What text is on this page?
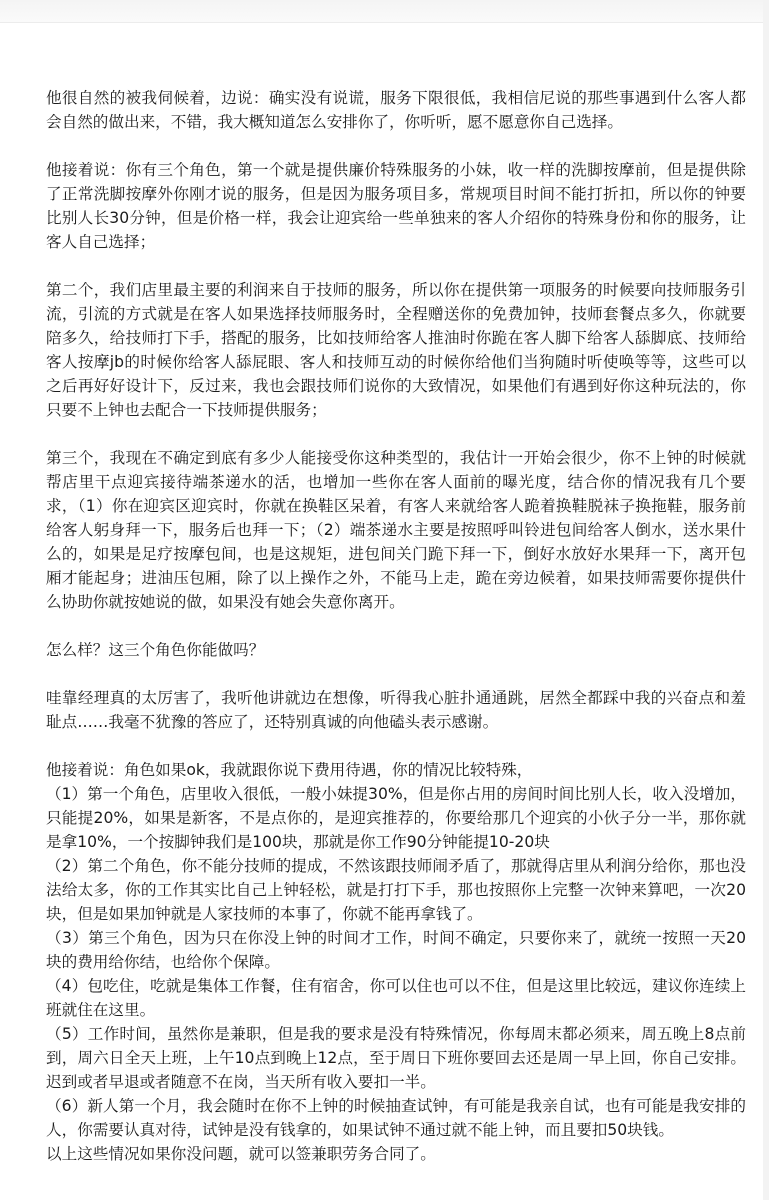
他很自然的被我伺候着，边说：确实没有说谎，服务下限很低，我相信尼说的那些事遇到什么客人都会自然的做出来，不错，我大概知道怎么安排你了，你听听，愿不愿意你自己选择。

他接着说：你有三个角色，第一个就是提供廉价特殊服务的小妹，收一样的洗脚按摩前，但是提供除了正常洗脚按摩外你刚才说的服务，但是因为服务项目多，常规项目时间不能打折扣，所以你的钟要比别人长30分钟，但是价格一样，我会让迎宾给一些单独来的客人介绍你的特殊身份和你的服务，让客人自己选择；

第二个，我们店里最主要的利润来自于技师的服务，所以你在提供第一项服务的时候要向技师服务引流，引流的方式就是在客人如果选择技师服务时，全程赠送你的免费加钟，技师套餐点多久，你就要陪多久，给技师打下手，搭配的服务，比如技师给客人推油时你跪在客人脚下给客人舔脚底、技师给客人按摩jb的时候你给客人舔屁眼、客人和技师互动的时候你给他们当狗随时听使唤等等，这些可以之后再好好设计下，反过来，我也会跟技师们说你的大致情况，如果他们有遇到好你这种玩法的，你只要不上钟也去配合一下技师提供服务；

第三个，我现在不确定到底有多少人能接受你这种类型的，我估计一开始会很少，你不上钟的时候就帮店里干点迎宾接待端茶递水的活，也增加一些你在客人面前的曝光度，结合你的情况我有几个要求，（1）你在迎宾区迎宾时，你就在换鞋区呆着，有客人来就给客人跪着换鞋脱袜子换拖鞋，服务前给客人躬身拜一下，服务后也拜一下；（2）端茶递水主要是按照呼叫铃进包间给客人倒水，送水果什么的，如果是足疗按摩包间，也是这规矩，进包间关门跪下拜一下，倒好水放好水果拜一下，离开包厢才能起身；进油压包厢，除了以上操作之外，不能马上走，跪在旁边候着，如果技师需要你提供什么协助你就按她说的做，如果没有她会失意你离开。

怎么样？这三个角色你能做吗？

哇靠经理真的太厉害了，我听他讲就边在想像，听得我心脏扑通通跳，居然全都踩中我的兴奋点和羞耻点……我毫不犹豫的答应了，还特别真诚的向他磕头表示感谢。

他接着说：角色如果ok，我就跟你说下费用待遇，你的情况比较特殊，

（1）第一个角色，店里收入很低，一般小妹提30%，但是你占用的房间时间比别人长，收入没增加，只能提20%，如果是新客，不是点你的，是迎宾推荐的，你要给那几个迎宾的小伙子分一半，那你就是拿10%，一个按脚钟我们是100块，那就是你工作90分钟能提10-20块

（2）第二个角色，你不能分技师的提成，不然该跟技师闹矛盾了，那就得店里从利润分给你，那也没法给太多，你的工作其实比自己上钟轻松，就是打打下手，那也按照你上完整一次钟来算吧，一次20块，但是如果加钟就是人家技师的本事了，你就不能再拿钱了。

（3）第三个角色，因为只在你没上钟的时间才工作，时间不确定，只要你来了，就统一按照一天20块的费用给你结，也给你个保障。

（4）包吃住，吃就是集体工作餐，住有宿舍，你可以住也可以不住，但是这里比较远，建议你连续上班就住在这里。

（5）工作时间，虽然你是兼职，但是我的要求是没有特殊情况，你每周末都必须来，周五晚上8点前到，周六日全天上班，上午10点到晚上12点，至于周日下班你要回去还是周一早上回，你自己安排。迟到或者早退或者随意不在岗，当天所有收入要扣一半。

（6）新人第一个月，我会随时在你不上钟的时候抽查试钟，有可能是我亲自试，也有可能是我安排的人，你需要认真对待，试钟是没有钱拿的，如果试钟不通过就不能上钟，而且要扣50块钱。

以上这些情况如果你没问题，就可以签兼职劳务合同了。
